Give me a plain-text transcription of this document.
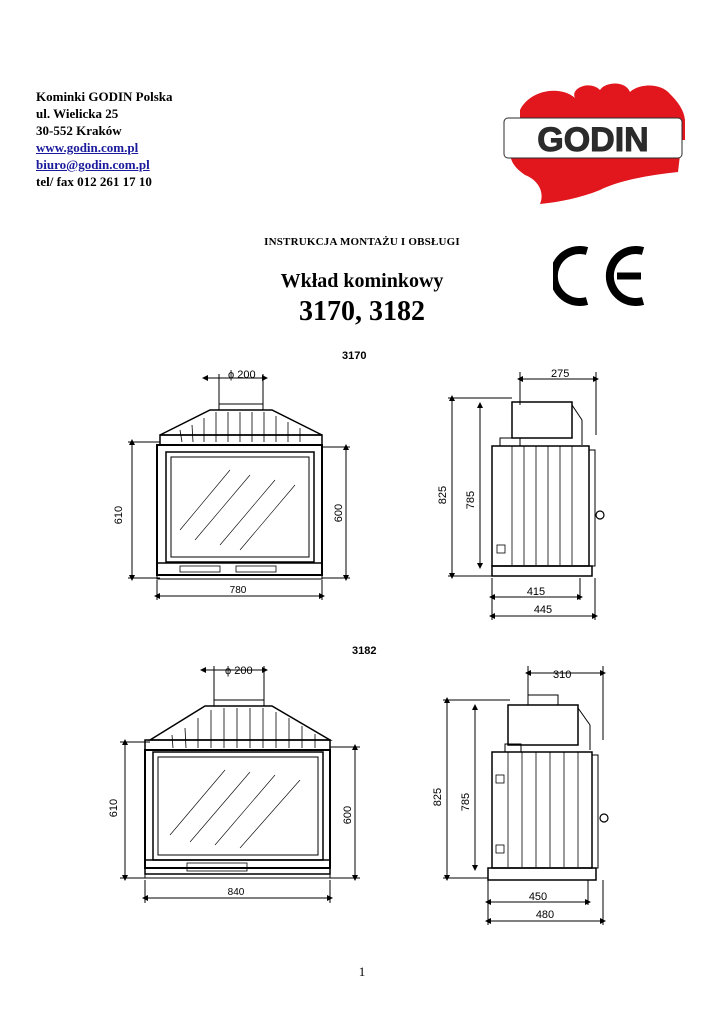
Kominki GODIN Polska
ul. Wielicka 25
30-552 Kraków
www.godin.com.pl
biuro@godin.com.pl
tel/ fax 012 261 17 10
GODIN
INSTRUKCJA MONTAŻU I OBSŁUGI
Wkład kominkowy
3170, 3182
3170
ϕ 200
610	600
780
275
825 785
415
445
3182
ϕ 200
610	600
840
310
825 785
450
480
1
